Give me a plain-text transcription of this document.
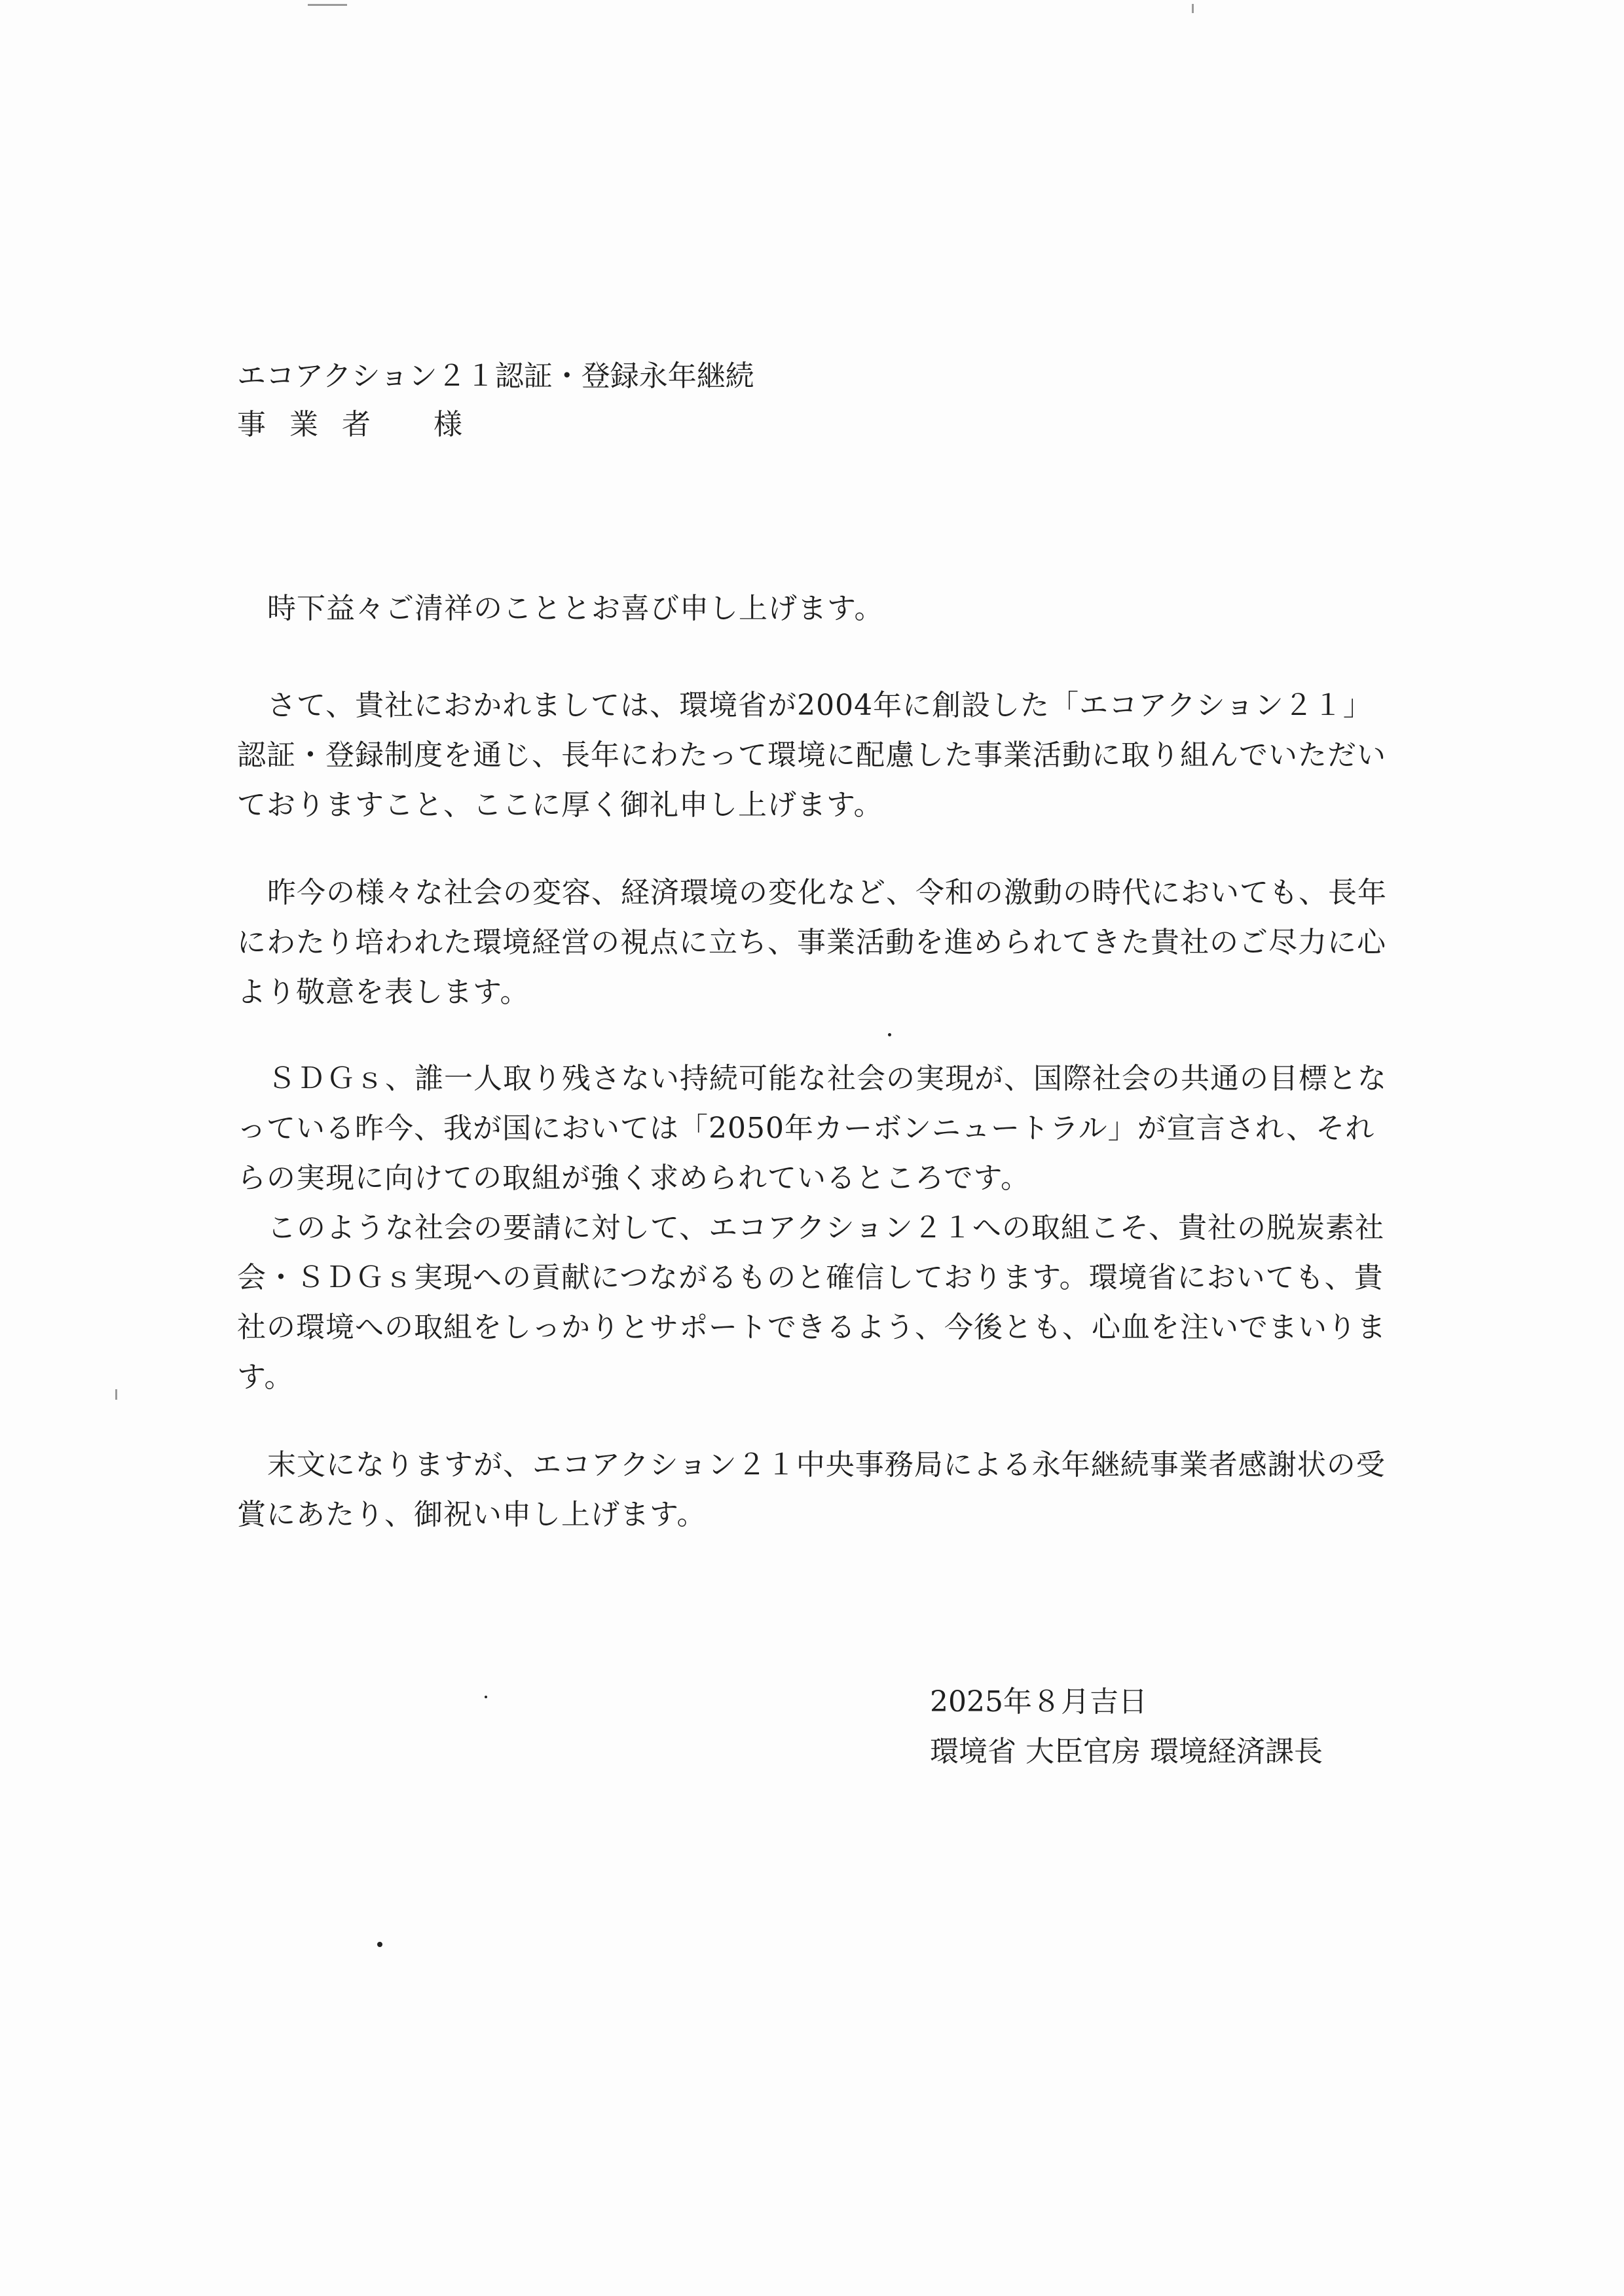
エコアクション２１認証・登録永年継続
事業者 様

時下益々ご清祥のこととお喜び申し上げます。

さて、貴社におかれましては、環境省が2004年に創設した「エコアクション２１」認証・登録制度を通じ、長年にわたって環境に配慮した事業活動に取り組んでいただいておりますこと、ここに厚く御礼申し上げます。

昨今の様々な社会の変容、経済環境の変化など、令和の激動の時代においても、長年にわたり培われた環境経営の視点に立ち、事業活動を進められてきた貴社のご尽力に心より敬意を表します。

ＳＤＧｓ、誰一人取り残さない持続可能な社会の実現が、国際社会の共通の目標となっている昨今、我が国においては「2050年カーボンニュートラル」が宣言され、それらの実現に向けての取組が強く求められているところです。

このような社会の要請に対して、エコアクション２１への取組こそ、貴社の脱炭素社会・ＳＤＧｓ実現への貢献につながるものと確信しております。環境省においても、貴社の環境への取組をしっかりとサポートできるよう、今後とも、心血を注いでまいります。

末文になりますが、エコアクション２１中央事務局による永年継続事業者感謝状の受賞にあたり、御祝い申し上げます。

2025年８月吉日
環境省 大臣官房 環境経済課長
